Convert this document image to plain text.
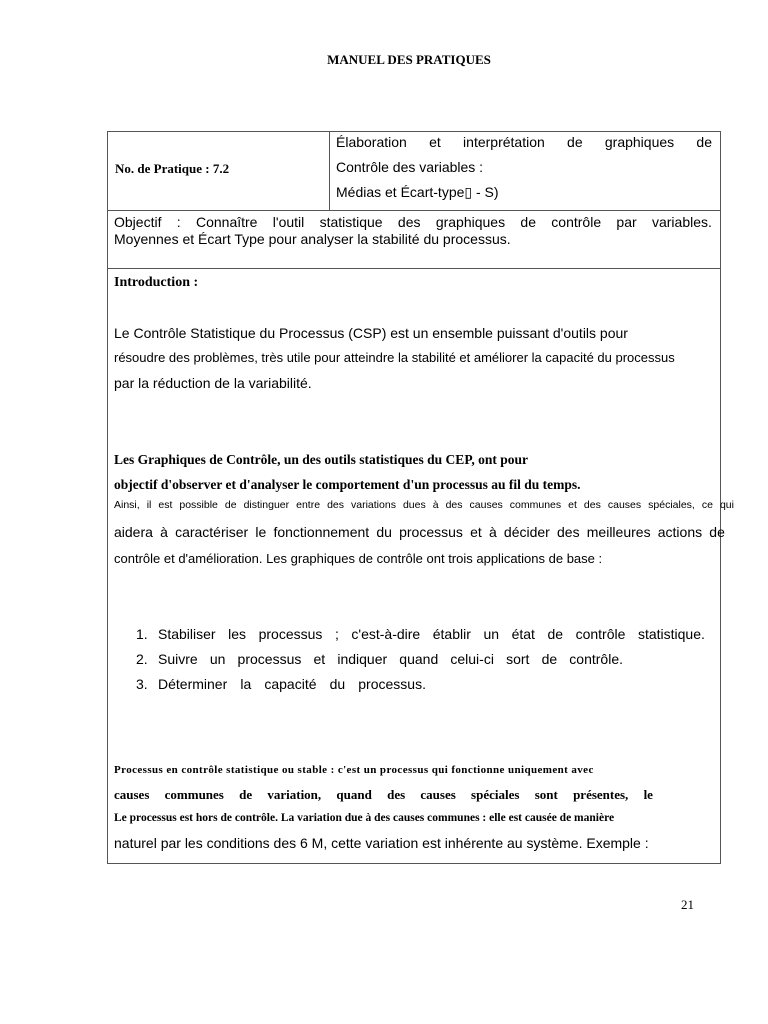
MANUEL DES PRATIQUES
No. de Pratique : 7.2
Élaboration et interprétation de graphiques de
Contrôle des variables :
Médias et Écart-type▯ - S)
Objectif : Connaître l'outil statistique des graphiques de contrôle par variables.
Moyennes et Écart Type pour analyser la stabilité du processus.
Introduction :
Le Contrôle Statistique du Processus (CSP) est un ensemble puissant d'outils pour
résoudre des problèmes, très utile pour atteindre la stabilité et améliorer la capacité du processus
par la réduction de la variabilité.
Les Graphiques de Contrôle, un des outils statistiques du CEP, ont pour
objectif d'observer et d'analyser le comportement d'un processus au fil du temps.
Ainsi, il est possible de distinguer entre des variations dues à des causes communes et des causes spéciales, ce qui
aidera à caractériser le fonctionnement du processus et à décider des meilleures actions de
contrôle et d'amélioration. Les graphiques de contrôle ont trois applications de base :
1. Stabiliser les processus ; c'est-à-dire établir un état de contrôle statistique.
2. Suivre un processus et indiquer quand celui-ci sort de contrôle.
3. Déterminer la capacité du processus.
Processus en contrôle statistique ou stable : c'est un processus qui fonctionne uniquement avec
causes communes de variation, quand des causes spéciales sont présentes, le
Le processus est hors de contrôle. La variation due à des causes communes : elle est causée de manière
naturel par les conditions des 6 M, cette variation est inhérente au système. Exemple :
21
